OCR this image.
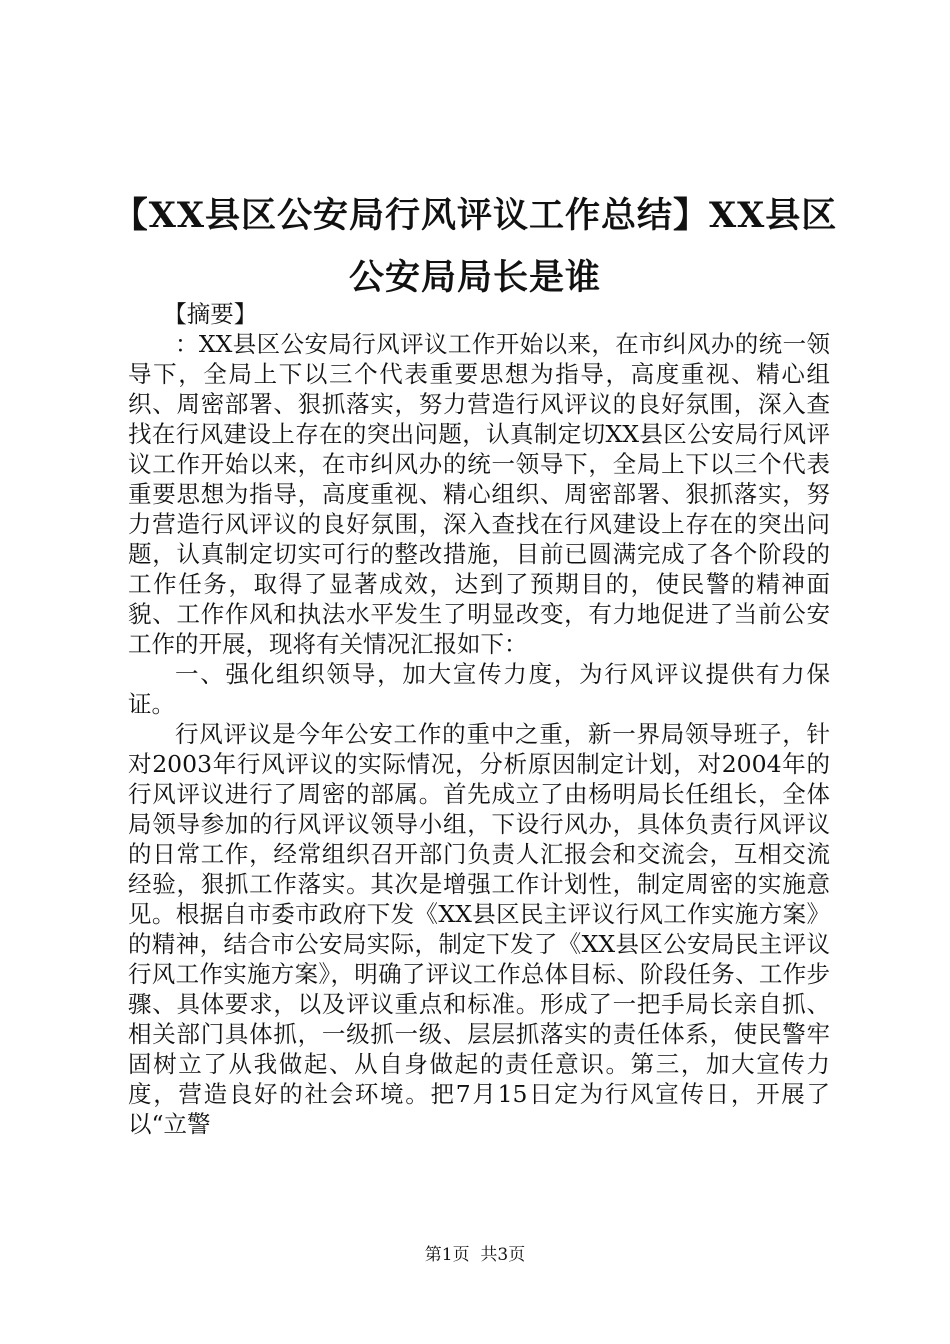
【XX县区公安局行风评议工作总结】XX县区公安局局长是谁

【摘要】

：XX县区公安局行风评议工作开始以来，在市纠风办的统一领导下，全局上下以三个代表重要思想为指导，高度重视、精心组织、周密部署、狠抓落实，努力营造行风评议的良好氛围，深入查找在行风建设上存在的突出问题，认真制定切XX县区公安局行风评议工作开始以来，在市纠风办的统一领导下，全局上下以三个代表重要思想为指导，高度重视、精心组织、周密部署、狠抓落实，努力营造行风评议的良好氛围，深入查找在行风建设上存在的突出问题，认真制定切实可行的整改措施，目前已圆满完成了各个阶段的工作任务，取得了显著成效，达到了预期目的，使民警的精神面貌、工作作风和执法水平发生了明显改变，有力地促进了当前公安工作的开展，现将有关情况汇报如下：

一、强化组织领导，加大宣传力度，为行风评议提供有力保证。

行风评议是今年公安工作的重中之重，新一界局领导班子，针对2003年行风评议的实际情况，分析原因制定计划，对2004年的行风评议进行了周密的部属。首先成立了由杨明局长任组长，全体局领导参加的行风评议领导小组，下设行风办，具体负责行风评议的日常工作，经常组织召开部门负责人汇报会和交流会，互相交流经验，狠抓工作落实。其次是增强工作计划性，制定周密的实施意见。根据自市委市政府下发《XX县区民主评议行风工作实施方案》的精神，结合市公安局实际，制定下发了《XX县区公安局民主评议行风工作实施方案》，明确了评议工作总体目标、阶段任务、工作步骤、具体要求，以及评议重点和标准。形成了一把手局长亲自抓、相关部门具体抓，一级抓一级、层层抓落实的责任体系，使民警牢固树立了从我做起、从自身做起的责任意识。第三，加大宣传力度，营造良好的社会环境。把7月15日定为行风宣传日，开展了以“立警

第1页  共3页
